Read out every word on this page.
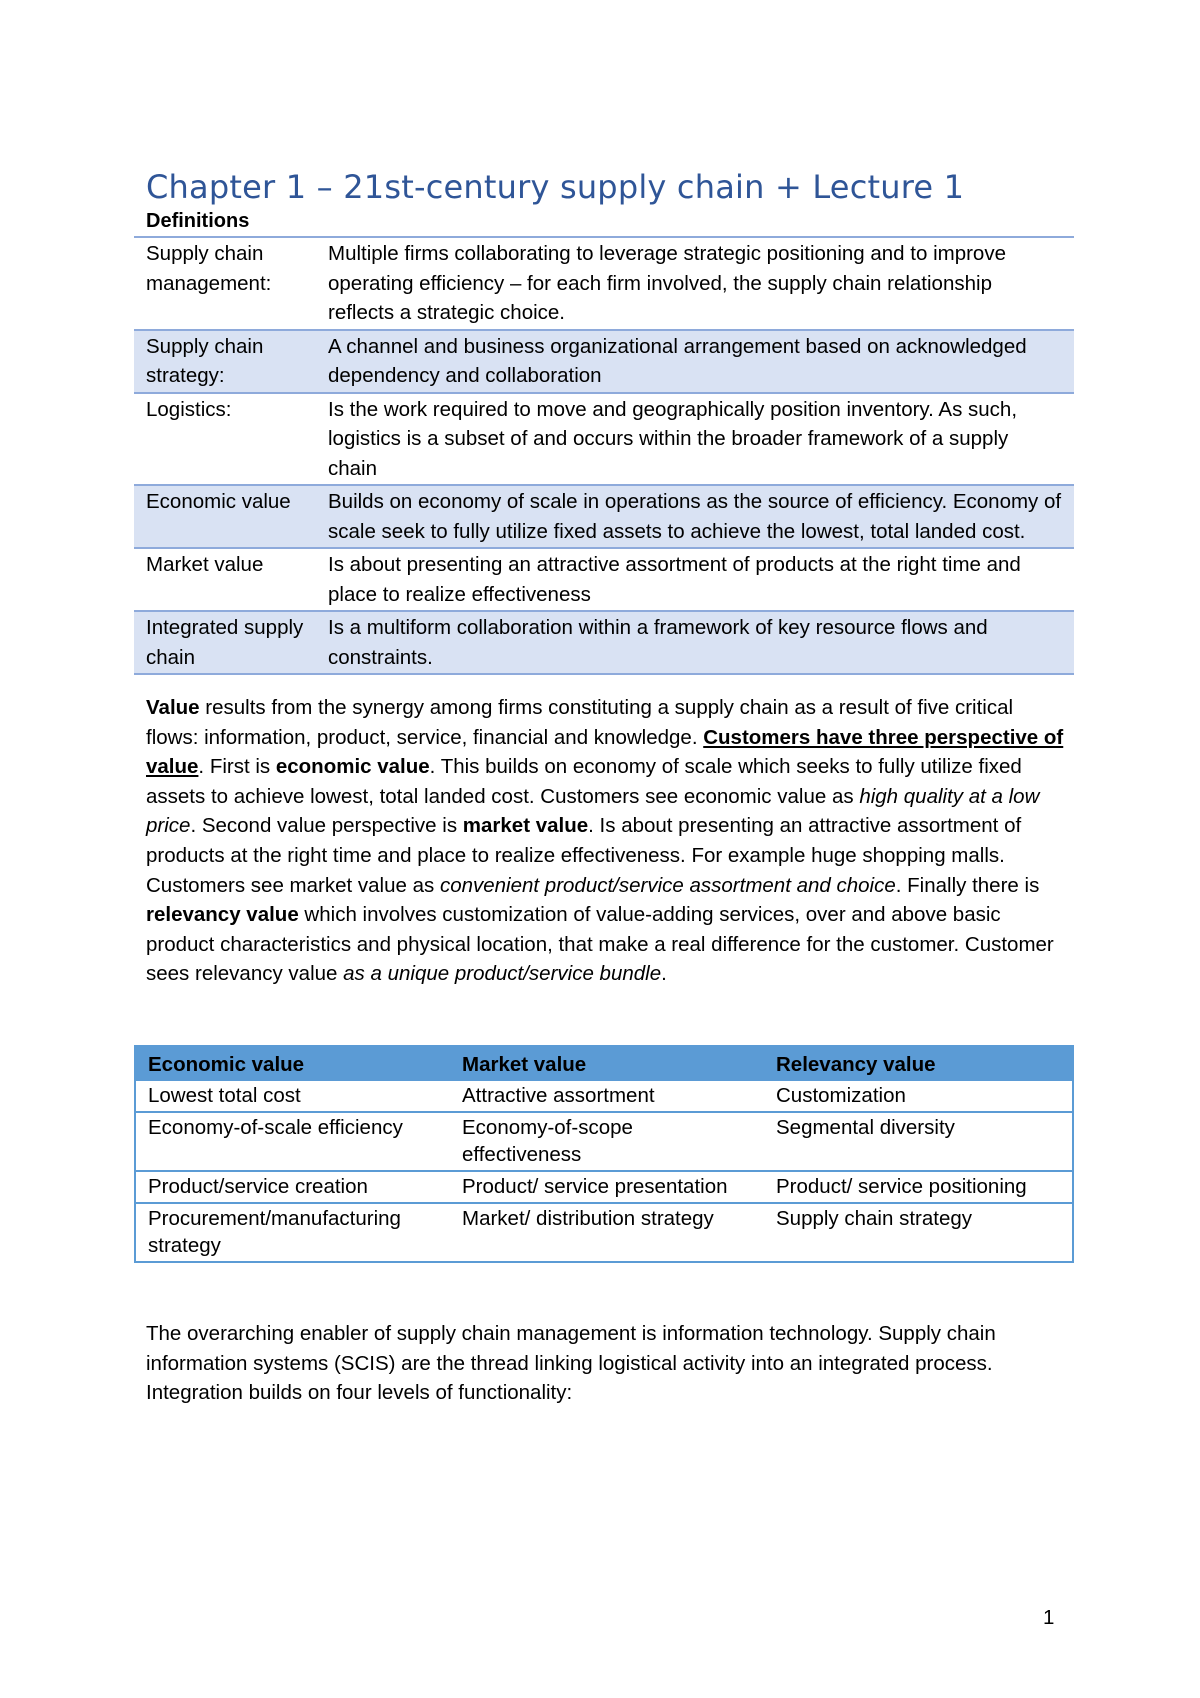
Chapter 1 – 21st-century supply chain + Lecture 1
Definitions
Supply chain management:	Multiple firms collaborating to leverage strategic positioning and to improve operating efficiency – for each firm involved, the supply chain relationship reflects a strategic choice.
Supply chain strategy:	A channel and business organizational arrangement based on acknowledged dependency and collaboration
Logistics:	Is the work required to move and geographically position inventory. As such, logistics is a subset of and occurs within the broader framework of a supply chain
Economic value	Builds on economy of scale in operations as the source of efficiency. Economy of scale seek to fully utilize fixed assets to achieve the lowest, total landed cost.
Market value	Is about presenting an attractive assortment of products at the right time and place to realize effectiveness
Integrated supply chain	Is a multiform collaboration within a framework of key resource flows and constraints.
Value results from the synergy among firms constituting a supply chain as a result of five critical flows: information, product, service, financial and knowledge. Customers have three perspective of value. First is economic value. This builds on economy of scale which seeks to fully utilize fixed assets to achieve lowest, total landed cost. Customers see economic value as high quality at a low price. Second value perspective is market value. Is about presenting an attractive assortment of products at the right time and place to realize effectiveness. For example huge shopping malls. Customers see market value as convenient product/service assortment and choice. Finally there is relevancy value which involves customization of value-adding services, over and above basic product characteristics and physical location, that make a real difference for the customer. Customer sees relevancy value as a unique product/service bundle.
Economic value	Market value	Relevancy value
Lowest total cost	Attractive assortment	Customization
Economy-of-scale efficiency	Economy-of-scope effectiveness	Segmental diversity
Product/service creation	Product/ service presentation	Product/ service positioning
Procurement/manufacturing strategy	Market/ distribution strategy	Supply chain strategy
The overarching enabler of supply chain management is information technology. Supply chain information systems (SCIS) are the thread linking logistical activity into an integrated process. Integration builds on four levels of functionality:
1
